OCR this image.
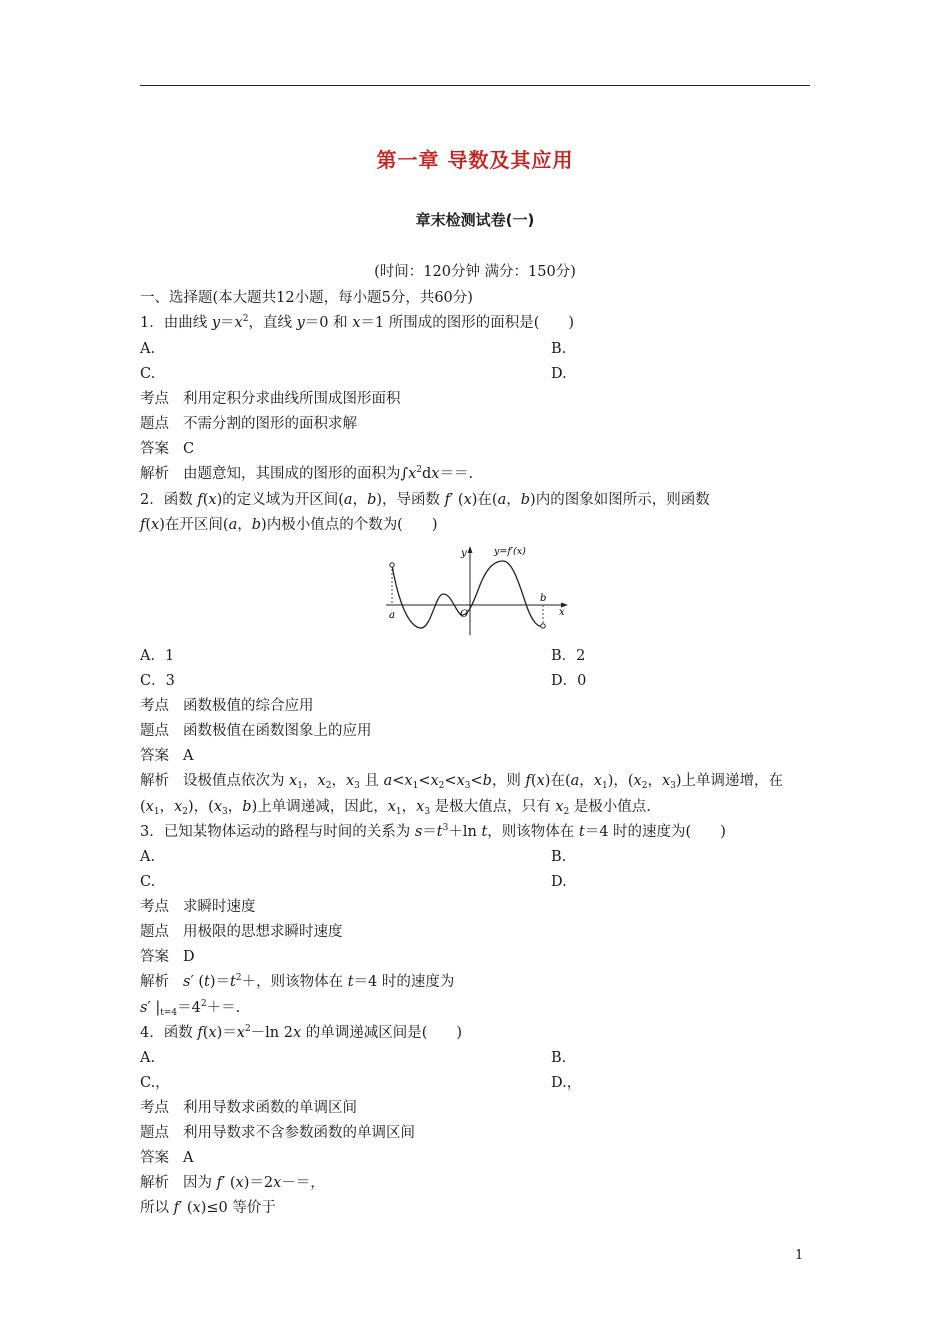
第一章 导数及其应用
章末检测试卷(一)
(时间：120分钟 满分：150分)
一、选择题(本大题共12小题，每小题5分，共60分)
1．由曲线 $y=x^2$，直线 y＝0 和 x＝1 所围成的图形的面积是(　　)
A.	B.
C.	D.
考点 利用定积分求曲线所围成图形面积
题点 不需分割的图形的面积求解
答案 C
解析 由题意知，其围成的图形的面积为$\int x^2dx==$.
2．函数 f(x)的定义域为开区间(a，b)，导函数 f′ (x)在(a，b)内的图象如图所示，则函数
f(x)在开区间(a，b)内极小值点的个数为(　　)
y	y=f′(x)
a	O
b
x
A．1	B．2
C．3	D．0
考点 函数极值的综合应用
题点 函数极值在函数图象上的应用
答案 A
解析 设极值点依次为 $x_1$，$x_2$，$x_3$ 且 $a<x_1<x_2<x_3<b$，则 f(x)在(a，$x_1$)，($x_2$，$x_3$)上单调递增，在
($x_1$，$x_2$)，($x_3$，b)上单调递减，因此，$x_1$，$x_3$ 是极大值点，只有 $x_2$ 是极小值点.
3．已知某物体运动的路程与时间的关系为 $s=t^3+\ln$ t，则该物体在 t＝4 时的速度为(　　)
A.	B.
C.	D.
考点 求瞬时速度
题点 用极限的思想求瞬时速度
答案 D
解析 s′ $(t)=t^2+$，则该物体在 t＝4 时的速度为
s′ $|_{t=4}=4^2+=$.
4．函数 $f(x)=x^2-\ln$ 2x 的单调递减区间是(　　)
A.	B.
C.，	D.，
考点 利用导数求函数的单调区间
题点 利用导数求不含参数函数的单调区间
答案 A
解析 因为 f′ (x)＝2x－＝，
所以 f′ (x)≤0 等价于
1
